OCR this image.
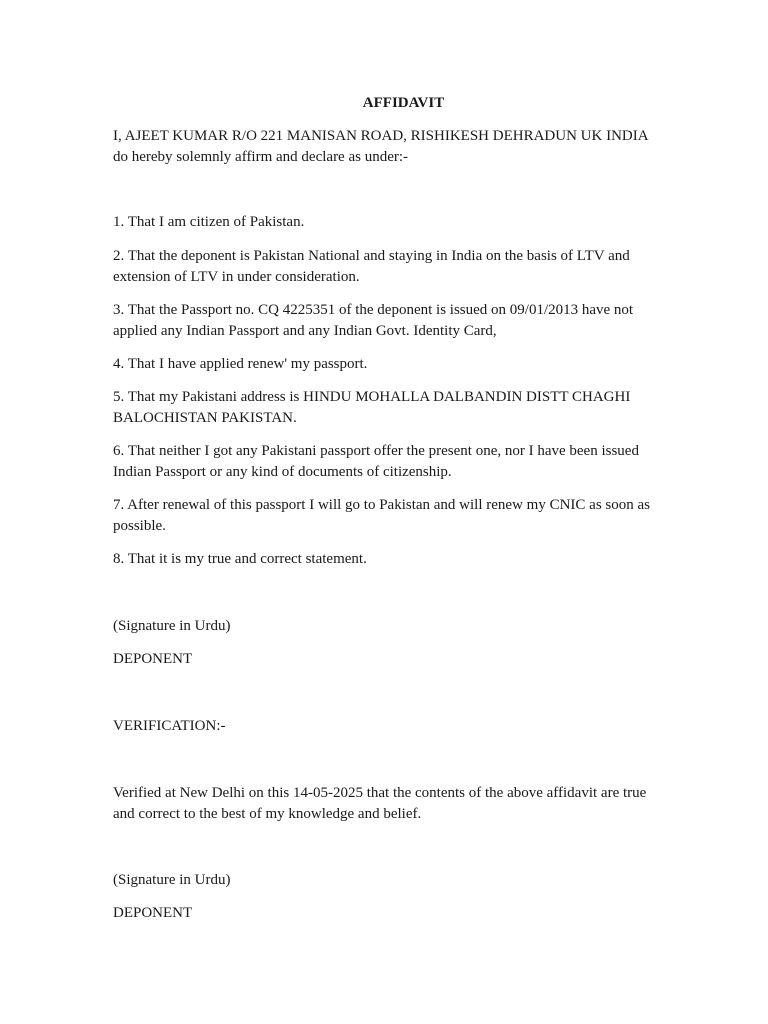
AFFIDAVIT

I, AJEET KUMAR R/O 221 MANISAN ROAD, RISHIKESH DEHRADUN UK INDIA do hereby solemnly affirm and declare as under:-

1. That I am citizen of Pakistan.

2. That the deponent is Pakistan National and staying in India on the basis of LTV and extension of LTV in under consideration.

3. That the Passport no. CQ 4225351 of the deponent is issued on 09/01/2013 have not applied any Indian Passport and any Indian Govt. Identity Card,

4. That I have applied renew' my passport.

5. That my Pakistani address is HINDU MOHALLA DALBANDIN DISTT CHAGHI BALOCHISTAN PAKISTAN.

6. That neither I got any Pakistani passport offer the present one, nor I have been issued Indian Passport or any kind of documents of citizenship.

7. After renewal of this passport I will go to Pakistan and will renew my CNIC as soon as possible.

8. That it is my true and correct statement.

(Signature in Urdu)

DEPONENT

VERIFICATION:-

Verified at New Delhi on this 14-05-2025 that the contents of the above affidavit are true and correct to the best of my knowledge and belief.

(Signature in Urdu)

DEPONENT
